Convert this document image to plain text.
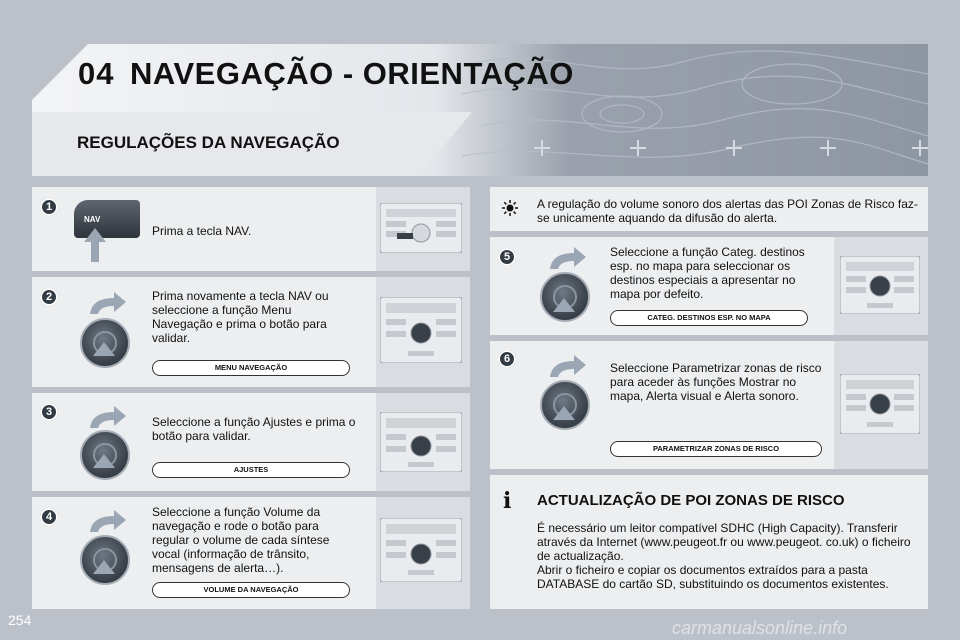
04 NAVEGAÇÃO - ORIENTAÇÃO
REGULAÇÕES DA NAVEGAÇÃO
1
2
3
4
5
6
NAV
Prima a tecla NAV.
Prima novamente a tecla NAV ou seleccione a função Menu Navegação e prima o botão para validar.
MENU NAVEGAÇÃO
Seleccione a função Ajustes e prima o botão para validar.
AJUSTES
Seleccione a função Volume da navegação e rode o botão para regular o volume de cada síntese vocal (informação de trânsito, mensagens de alerta…).
VOLUME DA NAVEGAÇÃO
A regulação do volume sonoro dos alertas das POI Zonas de Risco faz-se unicamente aquando da difusão do alerta.
Seleccione a função Categ. destinos esp. no mapa para seleccionar os destinos especiais a apresentar no mapa por defeito.
CATEG. DESTINOS ESP. NO MAPA
Seleccione Parametrizar zonas de risco para aceder às funções Mostrar no mapa, Alerta visual e Alerta sonoro.
PARAMETRIZAR ZONAS DE RISCO
i ACTUALIZAÇÃO DE POI ZONAS DE RISCO
É necessário um leitor compatível SDHC (High Capacity). Transferir através da Internet (www.peugeot.fr ou www.peugeot. co.uk) o ficheiro de actualização.
Abrir o ficheiro e copiar os documentos extraídos para a pasta DATABASE do cartão SD, substituindo os documentos existentes.
254	carmanualsonline.info
